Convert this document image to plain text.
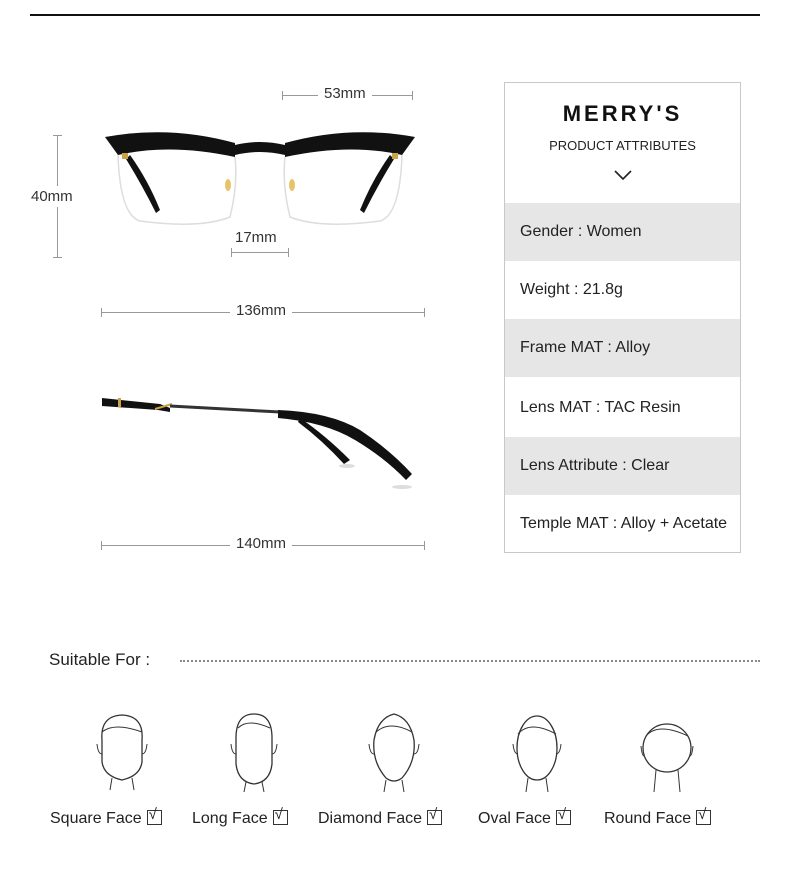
53mm
40mm
17mm
136mm
140mm
MERRY'S
PRODUCT ATTRIBUTES
Gender : Women
Weight : 21.8g
Frame MAT : Alloy
Lens MAT : TAC Resin
Lens Attribute : Clear
Temple MAT : Alloy + Acetate
Suitable For :
Square Face √ Long Face √ Diamond Face √	Oval Face √ Round Face √
